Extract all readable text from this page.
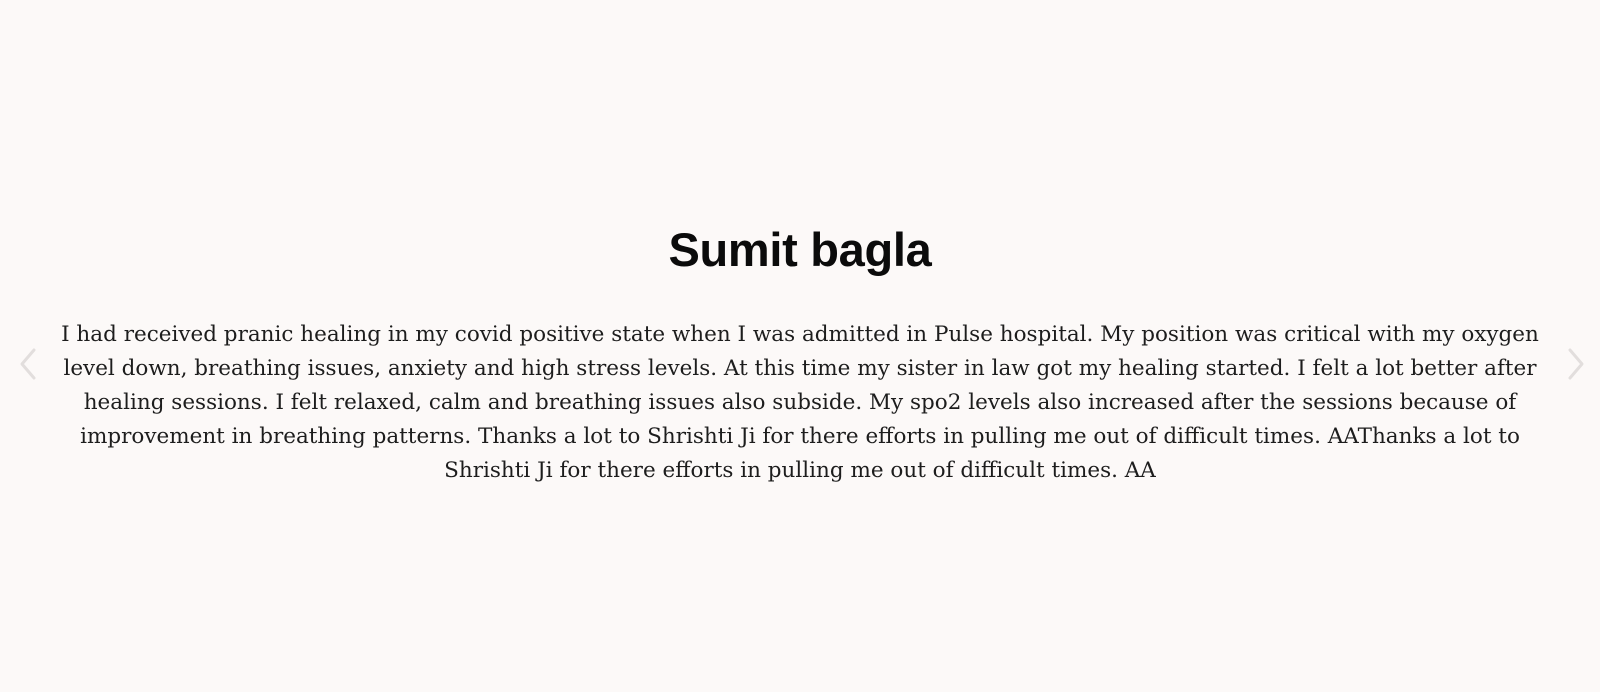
Sumit bagla

I had received pranic healing in my covid positive state when I was admitted in Pulse hospital. My position was critical with my oxygen level down, breathing issues, anxiety and high stress levels. At this time my sister in law got my healing started. I felt a lot better after healing sessions. I felt relaxed, calm and breathing issues also subside. My spo2 levels also increased after the sessions because of improvement in breathing patterns. Thanks a lot to Shrishti Ji for there efforts in pulling me out of difficult times. AAThanks a lot to Shrishti Ji for there efforts in pulling me out of difficult times. AA
